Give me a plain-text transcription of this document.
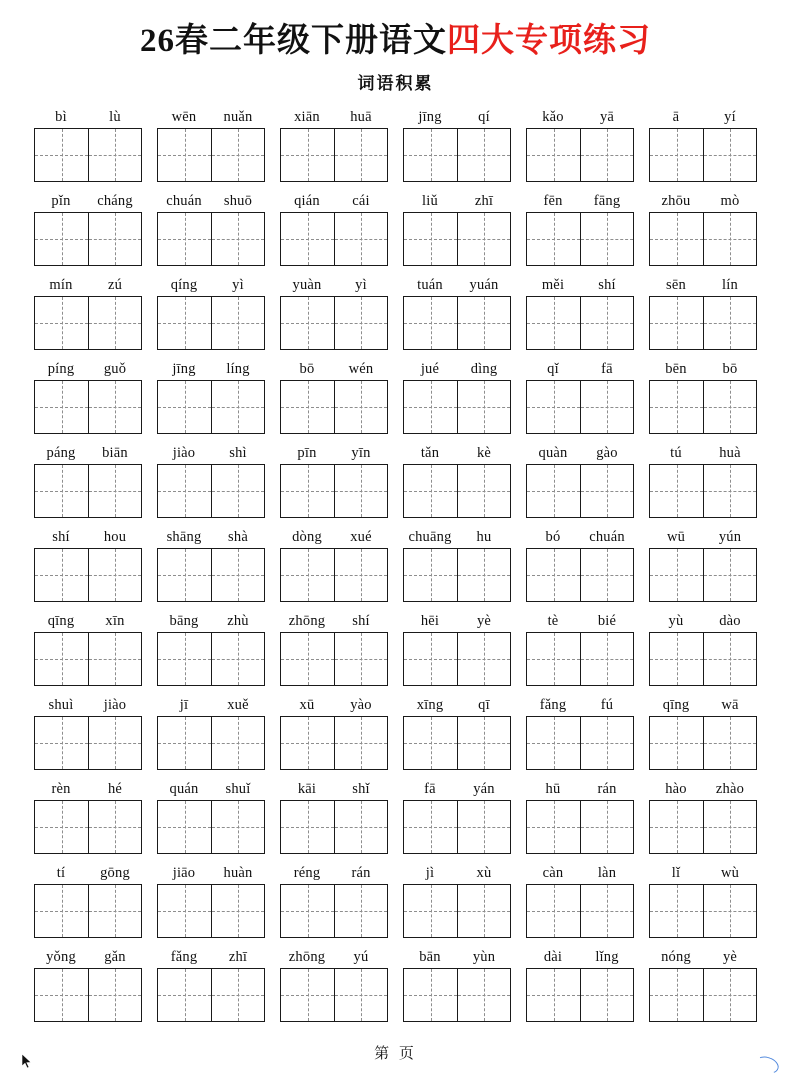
26春二年级下册语文四大专项练习
词语积累
bì	lù	wēn	nuǎn	xiān	huā	jīng	qí	kǎo	yā	ā	yí
pǐn	cháng	chuán	shuō	qián	cái	liǔ	zhī	fēn	fāng	zhōu	mò
mín	zú	qíng	yì	yuàn	yì	tuán	yuán	měi	shí	sēn	lín
píng	guǒ	jīng	líng	bō	wén	jué	dìng	qǐ	fā	bēn	bō
páng	biān	jiào	shì	pīn	yīn	tǎn	kè	quàn	gào	tú	huà
shí	hou	shāng	shà	dòng	xué	chuāng	hu	bó	chuán	wū	yún
qīng	xīn	bāng	zhù	zhōng	shí	hēi	yè	tè	bié	yù	dào
shuì	jiào	jī	xuě	xū	yào	xīng	qī	fǎng	fú	qīng	wā
rèn	hé	quán	shuǐ	kāi	shǐ	fā	yán	hū	rán	hào	zhào
tí	gōng	jiāo	huàn	réng	rán	jì	xù	càn	làn	lǐ	wù
yǒng	gǎn	fǎng	zhī	zhōng	yú	bān	yùn	dài	lǐng	nóng	yè
第 页
